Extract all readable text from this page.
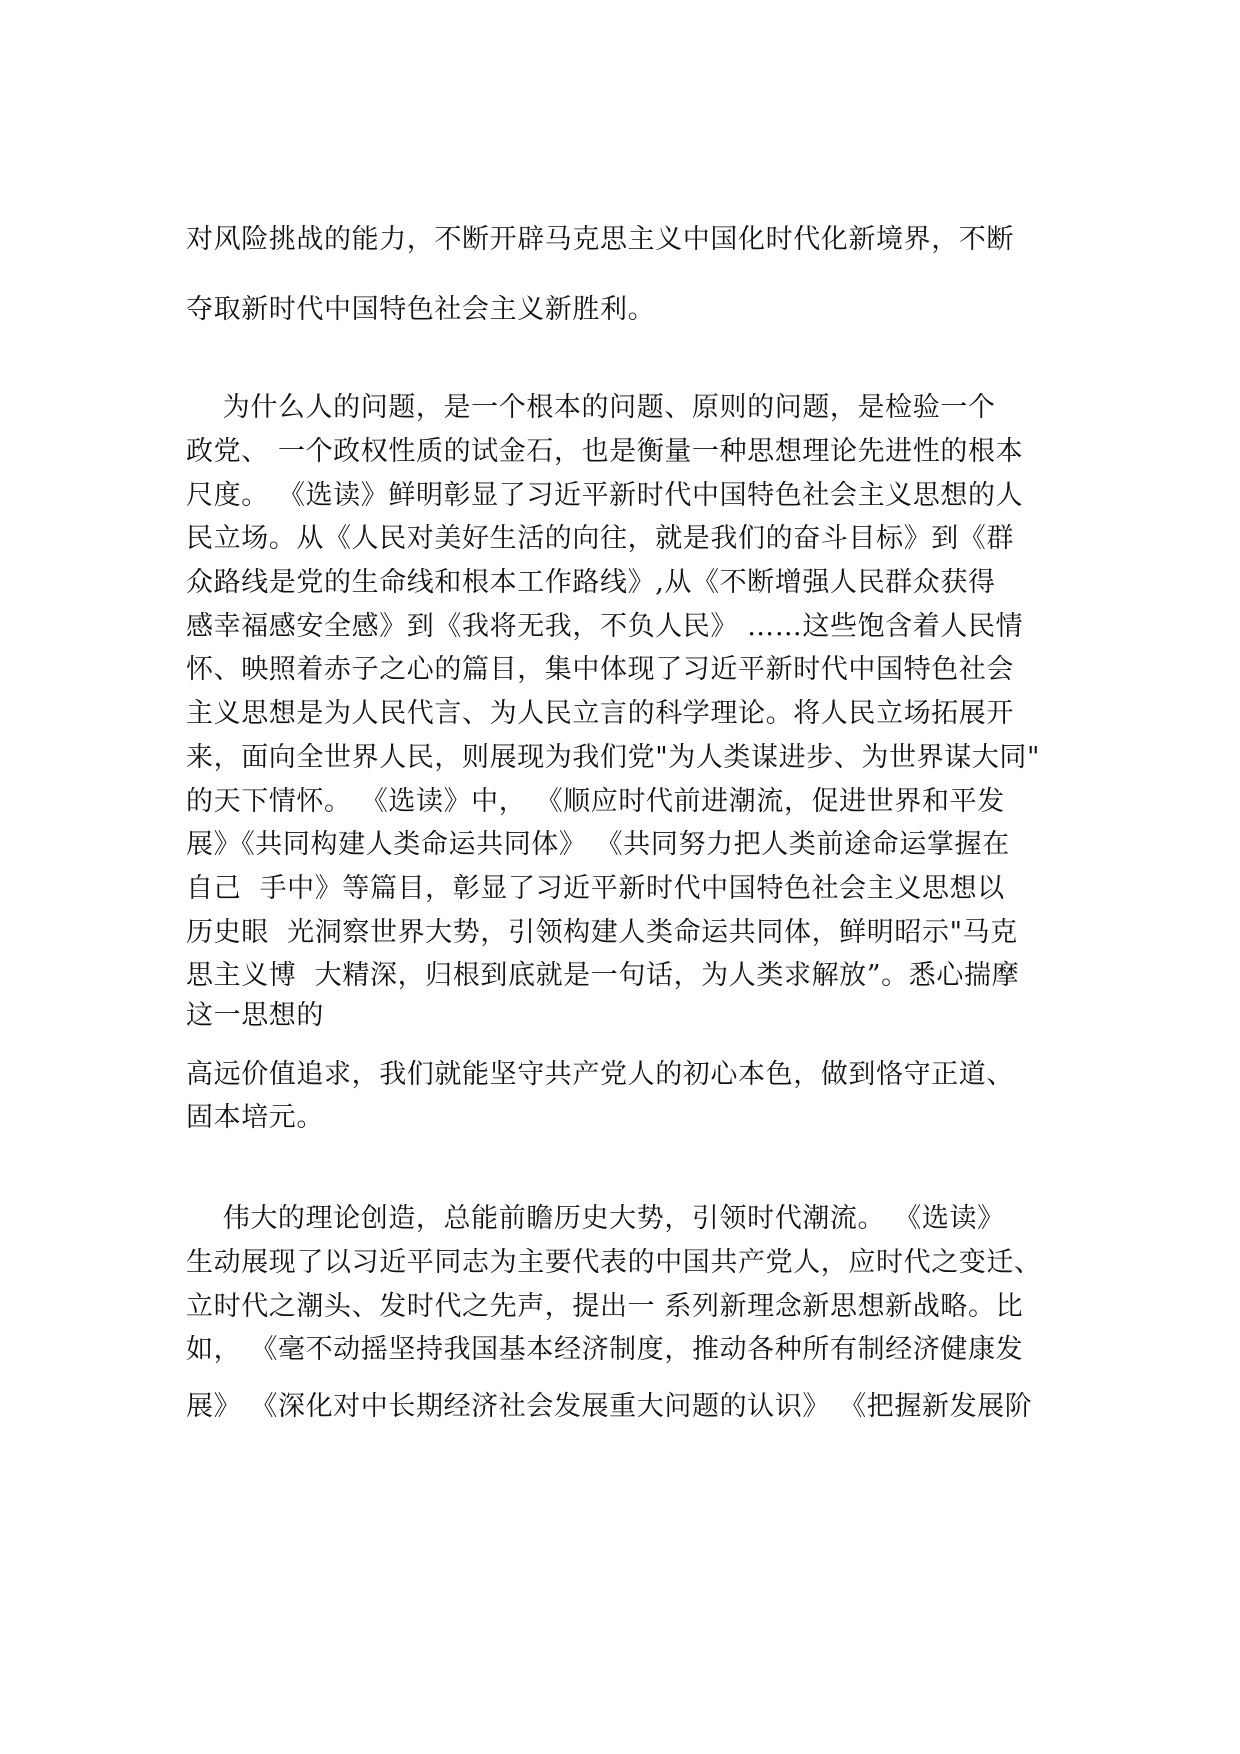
对风险挑战的能力，不断开辟马克思主义中国化时代化新境界，不断

夺取新时代中国特色社会主义新胜利。

为什么人的问题，是一个根本的问题、原则的问题，是检验一个

政党、 一个政权性质的试金石，也是衡量一种思想理论先进性的根本

尺度。 《选读》鲜明彰显了习近平新时代中国特色社会主义思想的人

民立场。从《人民对美好生活的向往，就是我们的奋斗目标》到《群

众路线是党的生命线和根本工作路线》,从《不断增强人民群众获得

感幸福感安全感》到《我将无我，不负人民》 ……这些饱含着人民情

怀、映照着赤子之心的篇目，集中体现了习近平新时代中国特色社会

主义思想是为人民代言、为人民立言的科学理论。将人民立场拓展开

来，面向全世界人民，则展现为我们党"为人类谋进步、为世界谋大同"

的天下情怀。 《选读》中， 《顺应时代前进潮流，促进世界和平发

展》《共同构建人类命运共同体》 《共同努力把人类前途命运掌握在

自己  手中》等篇目，彰显了习近平新时代中国特色社会主义思想以

历史眼  光洞察世界大势，引领构建人类命运共同体，鲜明昭示"马克

思主义博  大精深，归根到底就是一句话，为人类求解放”。悉心揣摩

这一思想的

高远价值追求，我们就能坚守共产党人的初心本色，做到恪守正道、

固本培元。

伟大的理论创造，总能前瞻历史大势，引领时代潮流。 《选读》

生动展现了以习近平同志为主要代表的中国共产党人，应时代之变迁、

立时代之潮头、发时代之先声，提出一 系列新理念新思想新战略。比

如， 《毫不动摇坚持我国基本经济制度，推动各种所有制经济健康发

展》 《深化对中长期经济社会发展重大问题的认识》 《把握新发展阶
